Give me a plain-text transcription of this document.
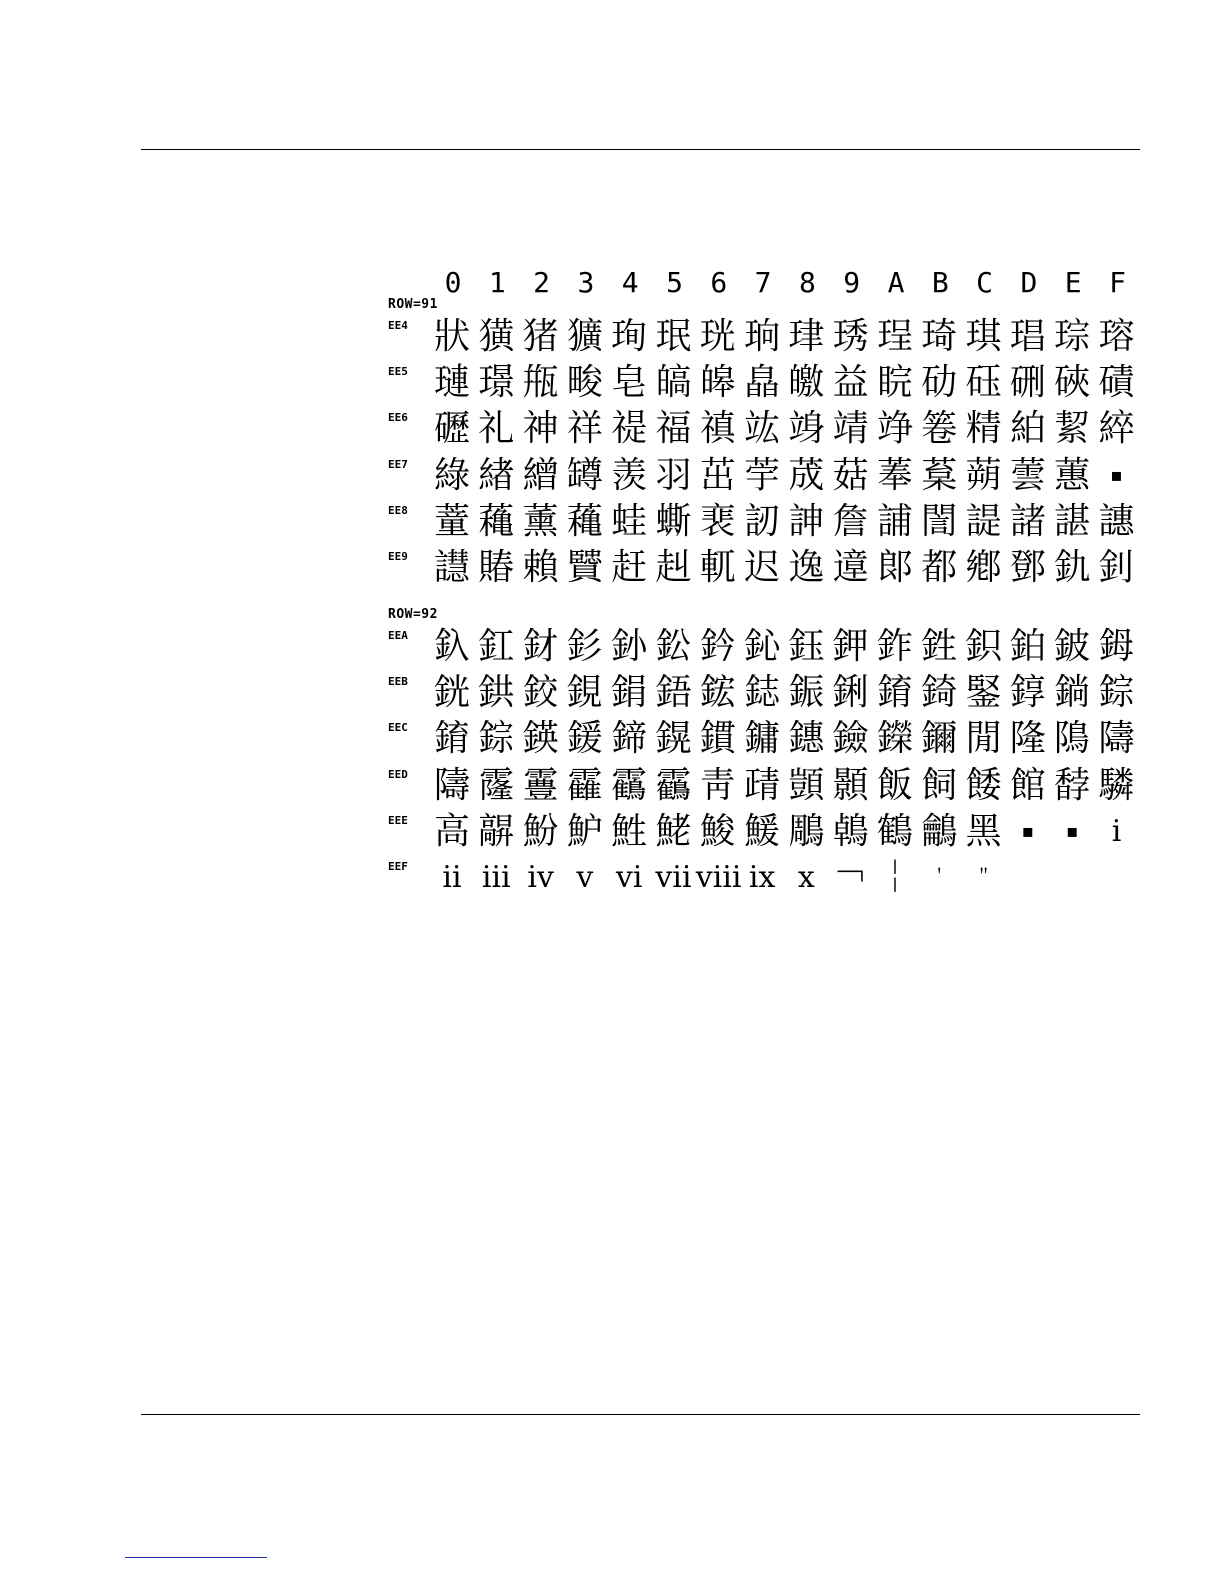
0 1 2 3 4 5 6 7 8 9 A B C D E F
ROW=91
EE4 狀 獚 猪 獷 珣 珉 珖 珦 珒 琇 珵 琦 琪 琩 琮 瑢
EE5 璉 璟 甁 畯 皂 皜 皞 皛 皦 益 睆 劯 砡 硎 硤 磧
EE6 礰 礼 神 祥 禔 福 禛 竑 竧 靖 竫 箞 精 絈 絜 綷
EE7 綠 緖 繒 罇 羡 羽 茁 荢 荿 菇 菶 葈 蒴 蕓 蕙	▪
EE8 蕫 蘒 薰 蘒 蛙 蟖 裵 訒 訷 詹 誧 誾 諟 諸 諶 譓
EE9 譿 賰 賴 贒 赶 赳 軏 迟 逸 遧 郞 都 鄕 鄧 釚 釗
ROW=92
EEA 釞 釭 釮 釤 釥 鈆 鈐 鈊 鈺 鉀 鈼 鉎 鉙 鉑 鈹 鉧
EEB 銧 鉷 鉸 鋧 鋗 鋙 鋐 鋕 鋠 鋓 錥 錡 鋻 錞 鋿 錝
EEC 錥 錝 鍈 鍰 鍗 鎤 鏆 鏞 鏸 鐱 鑅 鑈 閒 隆 隝 隯
EED 隯 霳 霻 靃 靍 靏 靑 靕 顗 顥 飯 飼 餧 館 馞 驎
EEE 高 髜 魵 魲 鮏 鮱 鮻 鰀 鵰 鵫 鶴 鸙 黑	▪	▪	ⅰ
EEF	ⅱ ⅲ ⅳ ⅴ ⅵ ⅶ ⅷ ⅸ ⅹ ￢ ￤ ＇	＂
